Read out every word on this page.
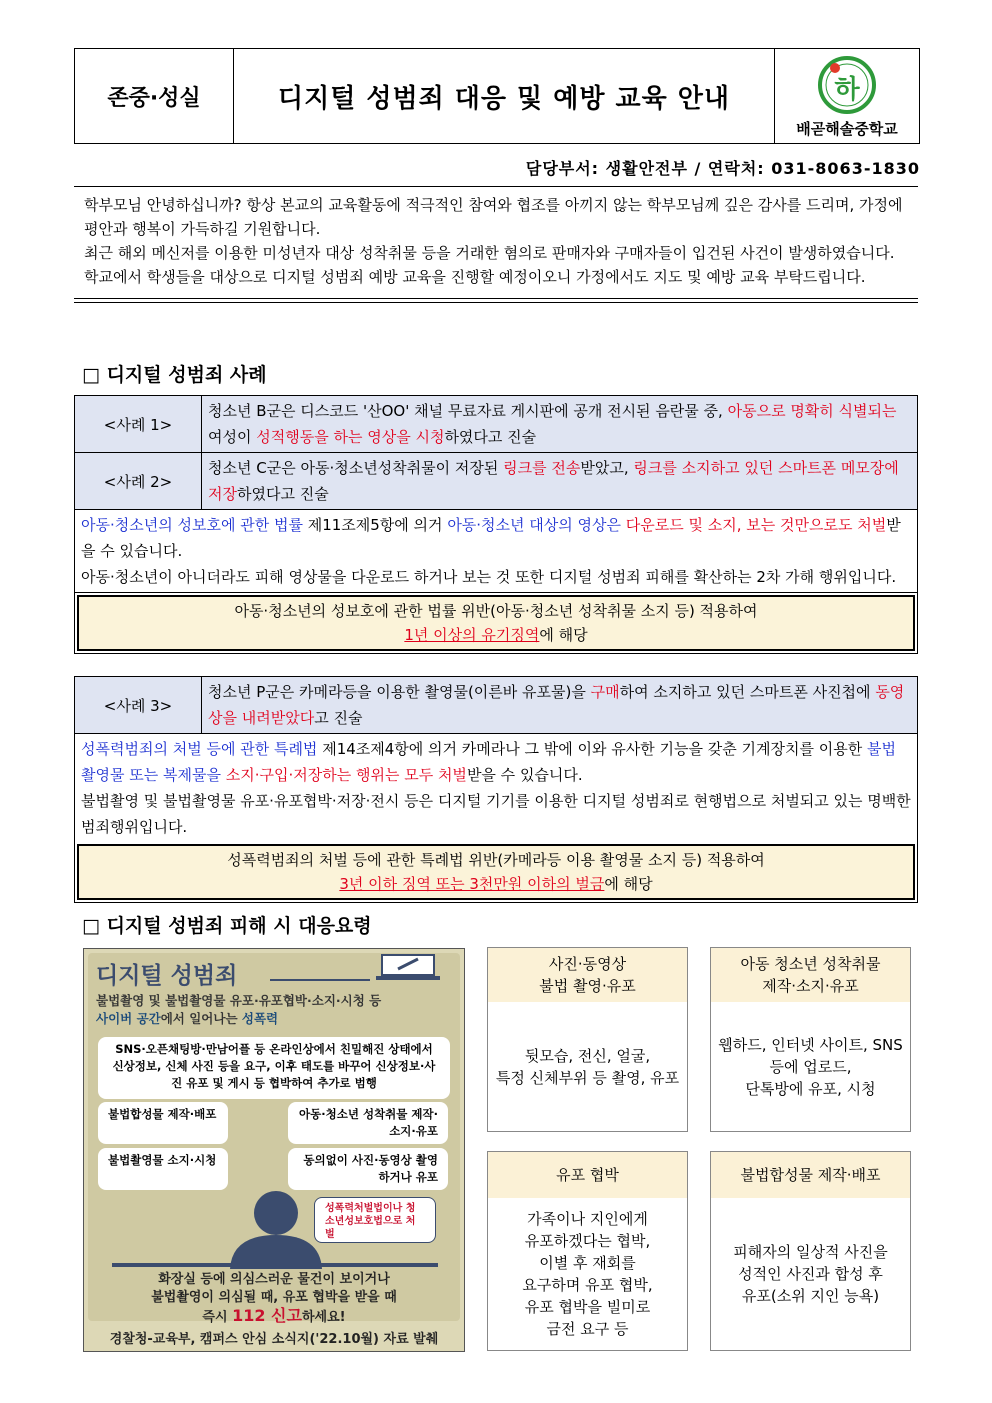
존중·성실	디지털 성범죄 대응 및 예방 교육 안내	하
배곧해솔중학교
담당부서: 생활안전부 / 연락처: 031-8063-1830
학부모님 안녕하십니까? 항상 본교의 교육활동에 적극적인 참여와 협조를 아끼지 않는 학부모님께 깊은 감사를 드리며, 가정에 평안과 행복이 가득하길 기원합니다.
최근 해외 메신저를 이용한 미성년자 대상 성착취물 등을 거래한 혐의로 판매자와 구매자들이 입건된 사건이 발생하였습니다. 학교에서 학생들을 대상으로 디지털 성범죄 예방 교육을 진행할 예정이오니 가정에서도 지도 및 예방 교육 부탁드립니다.
□ 디지털 성범죄 사례
<사례 1>
청소년 B군은 디스코드 '산OO' 채널 무료자료 게시판에 공개 전시된 음란물 중, 아동으로 명확히 식별되는 여성이 성적행동을 하는 영상을 시청하였다고 진술
<사례 2>
청소년 C군은 아동·청소년성착취물이 저장된 링크를 전송받았고, 링크를 소지하고 있던 스마트폰 메모장에 저장하였다고 진술
아동·청소년의 성보호에 관한 법률 제11조제5항에 의거 아동·청소년 대상의 영상은 다운로드 및 소지, 보는 것만으로도 처벌받을 수 있습니다.
아동·청소년이 아니더라도 피해 영상물을 다운로드 하거나 보는 것 또한 디지털 성범죄 피해를 확산하는 2차 가해 행위입니다.
아동·청소년의 성보호에 관한 법률 위반(아동·청소년 성착취물 소지 등) 적용하여
1년 이상의 유기징역에 해당
<사례 3>
청소년 P군은 카메라등을 이용한 촬영물(이른바 유포물)을 구매하여 소지하고 있던 스마트폰 사진첩에 동영상을 내려받았다고 진술
성폭력범죄의 처벌 등에 관한 특례법 제14조제4항에 의거 카메라나 그 밖에 이와 유사한 기능을 갖춘 기계장치를 이용한 불법 촬영물 또는 복제물을 소지·구입·저장하는 행위는 모두 처벌받을 수 있습니다.
불법촬영 및 불법촬영물 유포·유포협박·저장·전시 등은 디지털 기기를 이용한 디지털 성범죄로 현행법으로 처벌되고 있는 명백한 범죄행위입니다.
성폭력범죄의 처벌 등에 관한 특례법 위반(카메라등 이용 촬영물 소지 등) 적용하여
3년 이하 징역 또는 3천만원 이하의 벌금에 해당
□ 디지털 성범죄 피해 시 대응요령
디지털 성범죄
불법촬영 및 불법촬영물 유포·유포협박·소지·시청 등
사이버 공간에서 일어나는 성폭력
SNS·오픈채팅방·만남어플 등 온라인상에서 친밀해진 상태에서 신상정보, 신체 사진 등을 요구, 이후 태도를 바꾸어 신상정보·사진 유포 및 게시 등 협박하여 추가로 범행
불법합성물 제작·배포	아동·청소년 성착취물 제작·소지·유포
불법촬영물 소지·시청	동의없이 사진·동영상 촬영하거나 유포
성폭력처벌법이나 청소년성보호법으로 처벌
화장실 등에 의심스러운 물건이 보이거나
불법촬영이 의심될 때, 유포 협박을 받을 때
즉시 112 신고하세요!
경찰청-교육부, 캠퍼스 안심 소식지('22.10월) 자료 발췌
사진·동영상
불법 촬영·유포
뒷모습, 전신, 얼굴,
특정 신체부위 등 촬영, 유포
아동 청소년 성착취물
제작·소지·유포
웹하드, 인터넷 사이트, SNS
등에 업로드,
단톡방에 유포, 시청
유포 협박
가족이나 지인에게
유포하겠다는 협박,
이별 후 재회를
요구하며 유포 협박,
유포 협박을 빌미로
금전 요구 등
불법합성물 제작·배포
피해자의 일상적 사진을
성적인 사진과 합성 후
유포(소위 지인 능욕)
